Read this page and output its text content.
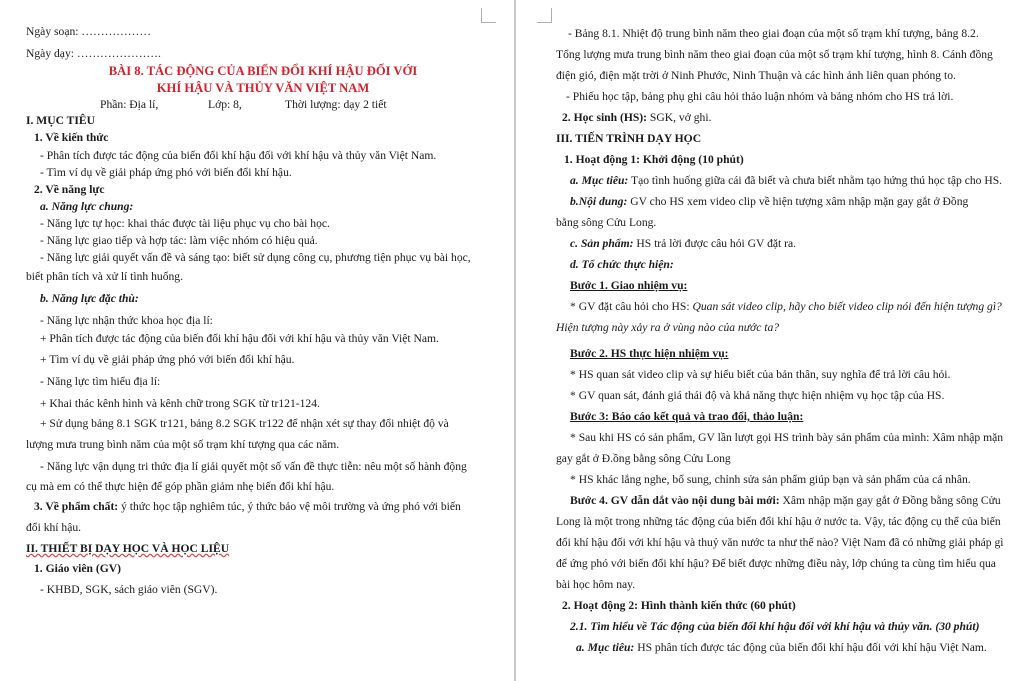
Ngày soạn: ………………
Ngày dạy: ………………….
BÀI 8. TÁC ĐỘNG CỦA BIẾN ĐỔI KHÍ HẬU ĐỐI VỚI
KHÍ HẬU VÀ THỦY VĂN VIỆT NAM
Phần: Địa lí,	Lớp: 8,	Thời lượng: dạy 2 tiết
I. MỤC TIÊU
1. Về kiến thức
- Phân tích được tác động của biến đổi khí hậu đối với khí hậu và thủy văn Việt Nam.
- Tìm ví dụ về giải pháp ứng phó với biến đổi khí hậu.
2. Về năng lực
a. Năng lực chung:
- Năng lực tự học: khai thác được tài liệu phục vụ cho bài học.
- Năng lực giao tiếp và hợp tác: làm việc nhóm có hiệu quả.
- Năng lực giải quyết vấn đề và sáng tạo: biết sử dụng công cụ, phương tiện phục vụ bài học,
biết phân tích và xử lí tình huống.
b. Năng lực đặc thù:
- Năng lực nhận thức khoa học địa lí:
+ Phân tích được tác động của biến đổi khí hậu đối với khí hậu và thủy văn Việt Nam.
+ Tìm ví dụ về giải pháp ứng phó với biến đổi khí hậu.
- Năng lực tìm hiểu địa lí:
+ Khai thác kênh hình và kênh chữ trong SGK từ tr121-124.
+ Sử dụng bảng 8.1 SGK tr121, bảng 8.2 SGK tr122 để nhận xét sự thay đổi nhiệt độ và
lượng mưa trung bình năm của một số trạm khí tượng qua các năm.
- Năng lực vận dụng tri thức địa lí giải quyết một số vấn đề thực tiễn: nêu một số hành động
cụ mà em có thể thực hiện để góp phần giảm nhẹ biến đổi khí hậu.
3. Về phẩm chất: ý thức học tập nghiêm túc, ý thức bảo vệ môi trường và ứng phó với biến
đổi khí hậu.
II. THIẾT BỊ DẠY HỌC VÀ HỌC LIỆU
1. Giáo viên (GV)
- KHBD, SGK, sách giáo viên (SGV).
- Bảng 8.1. Nhiệt độ trung bình năm theo giai đoạn của một số trạm khí tượng, bảng 8.2.
Tổng lượng mưa trung bình năm theo giai đoạn của một số trạm khí tượng, hình 8. Cánh đồng
điện gió, điện mặt trời ở Ninh Phước, Ninh Thuận và các hình ảnh liên quan phóng to.
- Phiếu học tập, bảng phụ ghi câu hỏi thảo luận nhóm và bảng nhóm cho HS trả lời.
2. Học sinh (HS): SGK, vở ghi.
III. TIẾN TRÌNH DẠY HỌC
1. Hoạt động 1: Khởi động (10 phút)
a. Mục tiêu: Tạo tình huống giữa cái đã biết và chưa biết nhằm tạo hứng thú học tập cho HS.
b.Nội dung: GV cho HS xem video clip về hiện tượng xâm nhập mặn gay gắt ở Đồng
bằng sông Cửu Long.
c. Sản phẩm: HS trả lời được câu hỏi GV đặt ra.
d. Tổ chức thực hiện:
Bước 1. Giao nhiệm vụ:
* GV đặt câu hỏi cho HS: Quan sát video clip, hãy cho biết video clip nói đến hiện tượng gì?
Hiện tượng này xảy ra ở vùng nào của nước ta?
Bước 2. HS thực hiện nhiệm vụ:
* HS quan sát video clip và sự hiểu biết của bản thân, suy nghĩa để trả lời câu hỏi.
* GV quan sát, đánh giá thái độ và khả năng thực hiện nhiệm vụ học tập của HS.
Bước 3: Báo cáo kết quả và trao đổi, thảo luận:
* Sau khi HS có sản phẩm, GV lần lượt gọi HS trình bày sản phẩm của mình: Xâm nhập mặn
gay gắt ở Đ.ồng bằng sông Cửu Long
* HS khác lắng nghe, bổ sung, chỉnh sửa sản phẩm giúp bạn và sản phẩm của cá nhân.
Bước 4. GV dẫn dắt vào nội dung bài mới: Xâm nhập mặn gay gắt ở Đồng bằng sông Cửu
Long là một trong những tác động của biến đổi khí hậu ở nước ta. Vậy, tác động cụ thể của biến
đổi khí hậu đối với khí hậu và thuỷ văn nước ta như thế nào? Việt Nam đã có những giải pháp gì
để ứng phó với biến đổi khí hậu? Để biết được những điều này, lớp chúng ta cùng tìm hiểu qua
bài học hôm nay.
2. Hoạt động 2: Hình thành kiến thức (60 phút)
2.1. Tìm hiểu về Tác động của biến đổi khí hậu đối với khí hậu và thủy văn. (30 phút)
a. Mục tiêu: HS phân tích được tác động của biến đổi khí hậu đối với khí hậu Việt Nam.
